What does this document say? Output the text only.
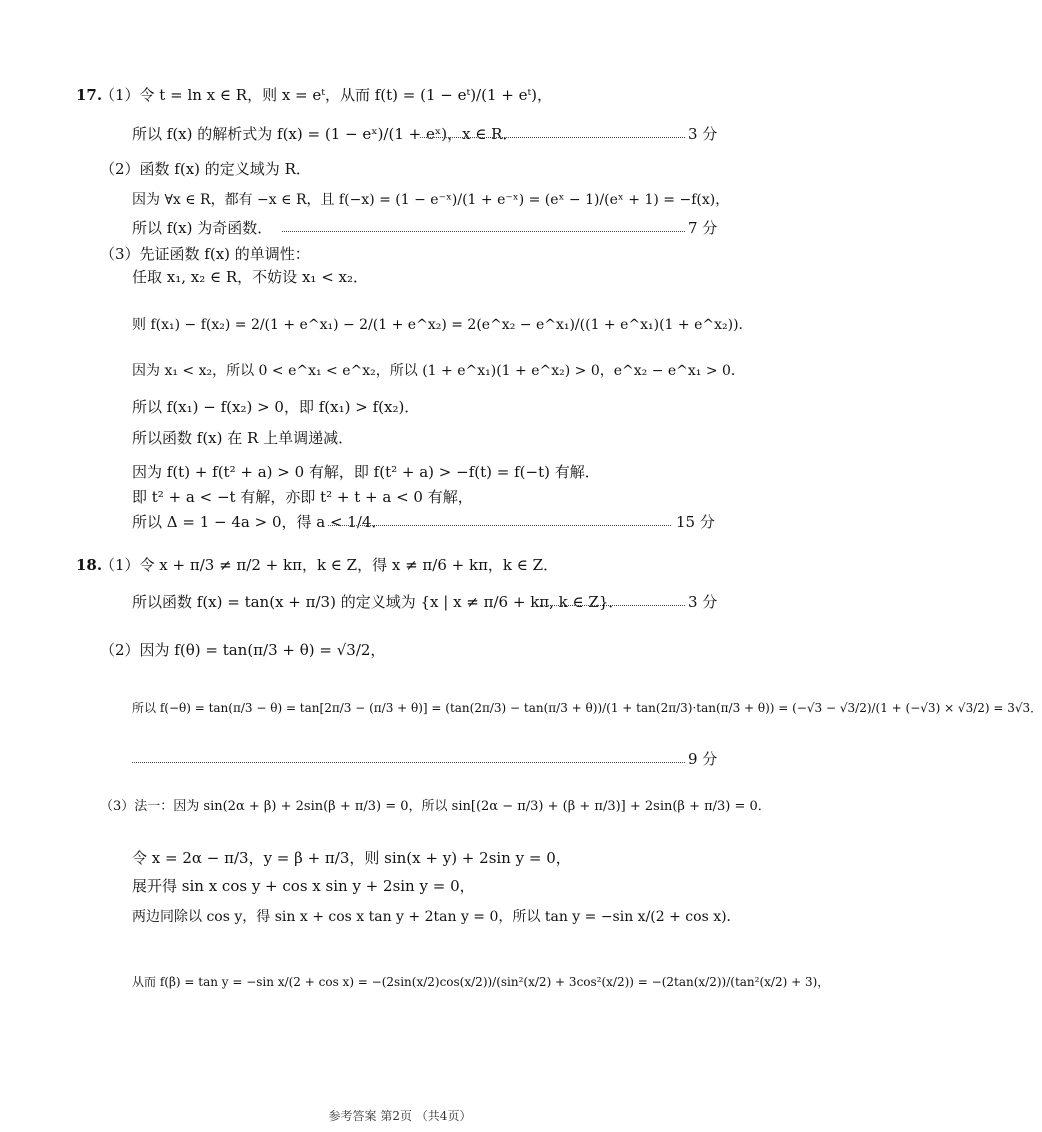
17.
（1）令 t = ln x ∈ R，则 x = eᵗ，从而 f(t) = (1 − eᵗ)/(1 + eᵗ)，
所以 f(x) 的解析式为 f(x) = (1 − eˣ)/(1 + eˣ)，x ∈ R．	3 分
（2）函数 f(x) 的定义域为 R．
因为 ∀x ∈ R，都有 −x ∈ R，且 f(−x) = (1 − e⁻ˣ)/(1 + e⁻ˣ) = (eˣ − 1)/(eˣ + 1) = −f(x)，
所以 f(x) 为奇函数．	7 分
（3）先证函数 f(x) 的单调性：
任取 x₁, x₂ ∈ R，不妨设 x₁ < x₂．
则 f(x₁) − f(x₂) = 2/(1 + e^x₁) − 2/(1 + e^x₂) = 2(e^x₂ − e^x₁)/((1 + e^x₁)(1 + e^x₂))．
因为 x₁ < x₂，所以 0 < e^x₁ < e^x₂，所以 (1 + e^x₁)(1 + e^x₂) > 0，e^x₂ − e^x₁ > 0．
所以 f(x₁) − f(x₂) > 0，即 f(x₁) > f(x₂)．
所以函数 f(x) 在 R 上单调递减．
因为 f(t) + f(t² + a) > 0 有解，即 f(t² + a) > −f(t) = f(−t) 有解．
即 t² + a < −t 有解，亦即 t² + t + a < 0 有解，
所以 Δ = 1 − 4a > 0，得 a < 1/4．	15 分
18.
（1）令 x + π/3 ≠ π/2 + kπ，k ∈ Z，得 x ≠ π/6 + kπ，k ∈ Z．
所以函数 f(x) = tan(x + π/3) 的定义域为 {x | x ≠ π/6 + kπ, k ∈ Z}．	3 分
（2）因为 f(θ) = tan(π/3 + θ) = √3/2，
所以 f(−θ) = tan(π/3 − θ) = tan[2π/3 − (π/3 + θ)] = (tan(2π/3) − tan(π/3 + θ))/(1 + tan(2π/3)·tan(π/3 + θ)) = (−√3 − √3/2)/(1 + (−√3) × √3/2) = 3√3．
9 分
（3）法一：因为 sin(2α + β) + 2sin(β + π/3) = 0，所以 sin[(2α − π/3) + (β + π/3)] + 2sin(β + π/3) = 0．
令 x = 2α − π/3，y = β + π/3，则 sin(x + y) + 2sin y = 0，
展开得 sin x cos y + cos x sin y + 2sin y = 0，
两边同除以 cos y，得 sin x + cos x tan y + 2tan y = 0，所以 tan y = −sin x/(2 + cos x)．
从而 f(β) = tan y = −sin x/(2 + cos x) = −(2sin(x/2)cos(x/2))/(sin²(x/2) + 3cos²(x/2)) = −(2tan(x/2))/(tan²(x/2) + 3)，
参考答案 第2页 （共4页）
